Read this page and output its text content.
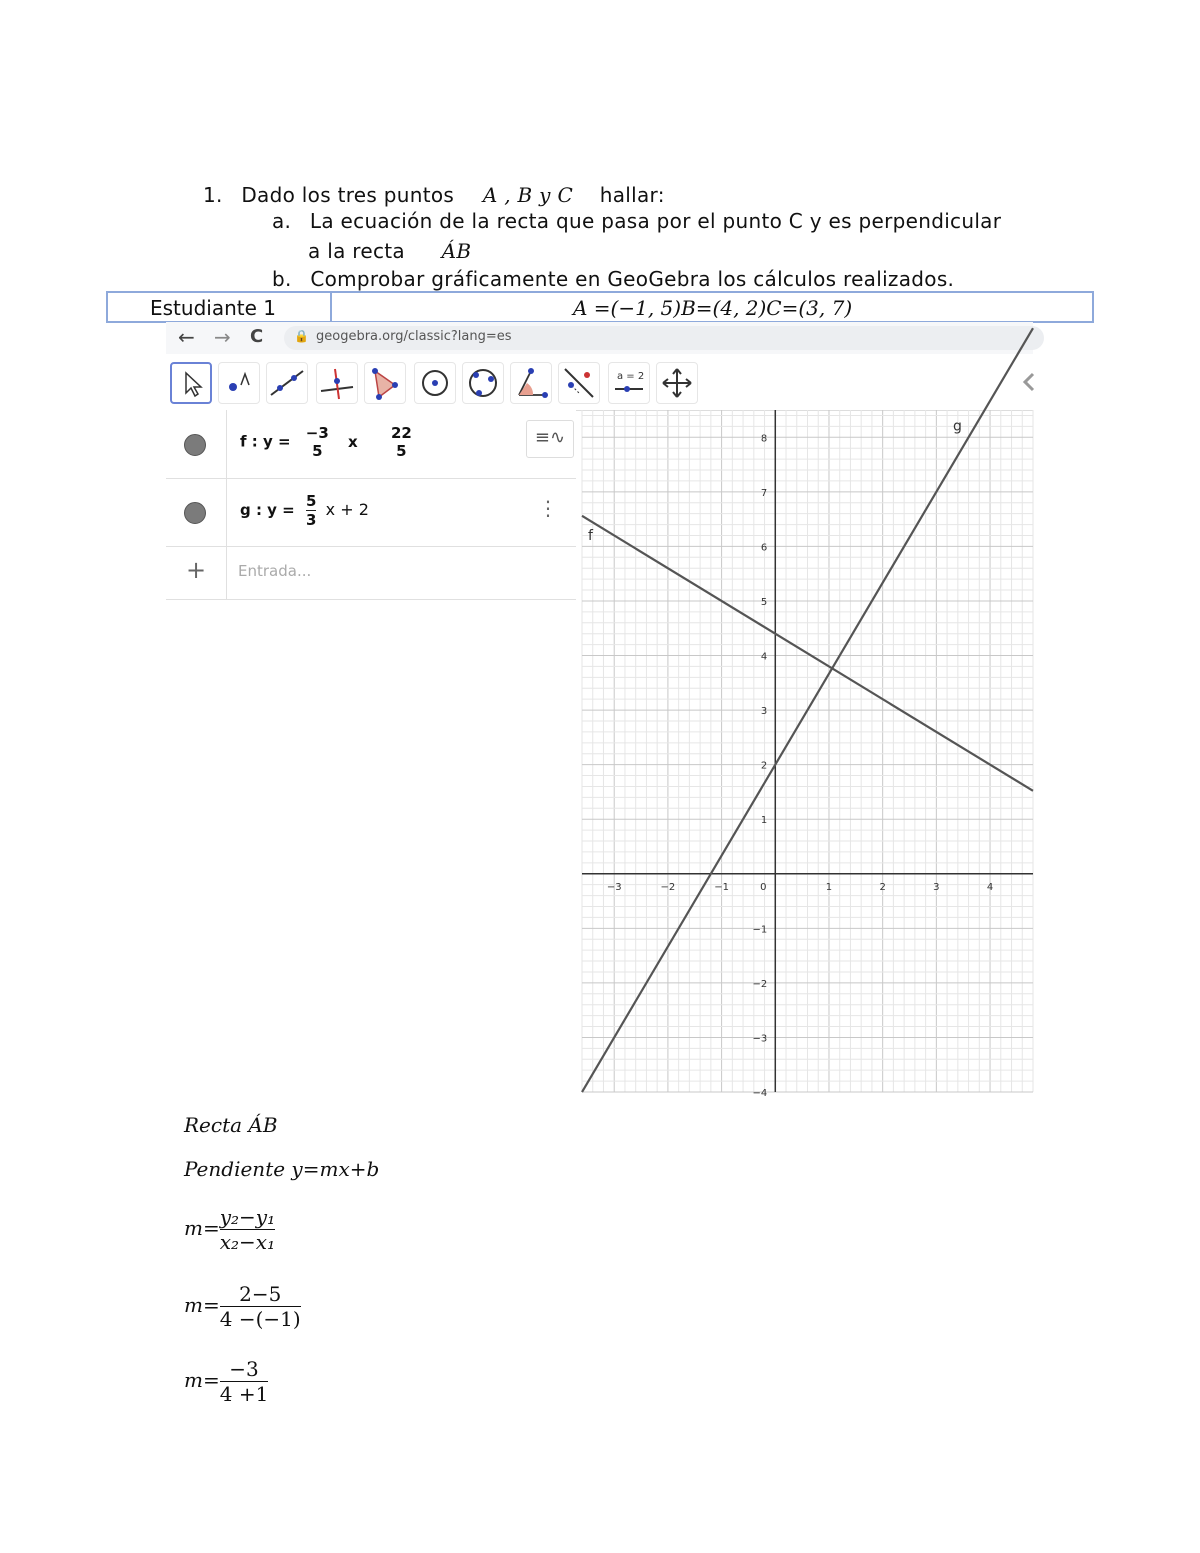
1. Dado los tres puntos A , B y C hallar:
a. La ecuación de la recta que pasa por el punto C y es perpendicular
a la recta ÁB
b. Comprobar gráficamente en GeoGebra los cálculos realizados.
Estudiante 1	A =(−1, 5)B=(4, 2)C=(3, 7)
← → C	🔒 geogebra.org/classic?lang=es
a = 2
f : y = −3
5
x 22
5
≡∿
g : $y = \frac{5}{3}$ x + 2	⋮
+ Entrada...
−3	−2	−1	0	1	2	3	4
−4
−3
−2
−1
1
2
3
4
5
6
7
8
f
g
Recta ÁB
Pendiente y=mx+b
$m= \frac{\text{y₂−y₁}}{\text{x₂−x₁}}$
$m= \frac{2-5}{4 -(-1)}$
$m= \frac{-3}{4 +1}$
